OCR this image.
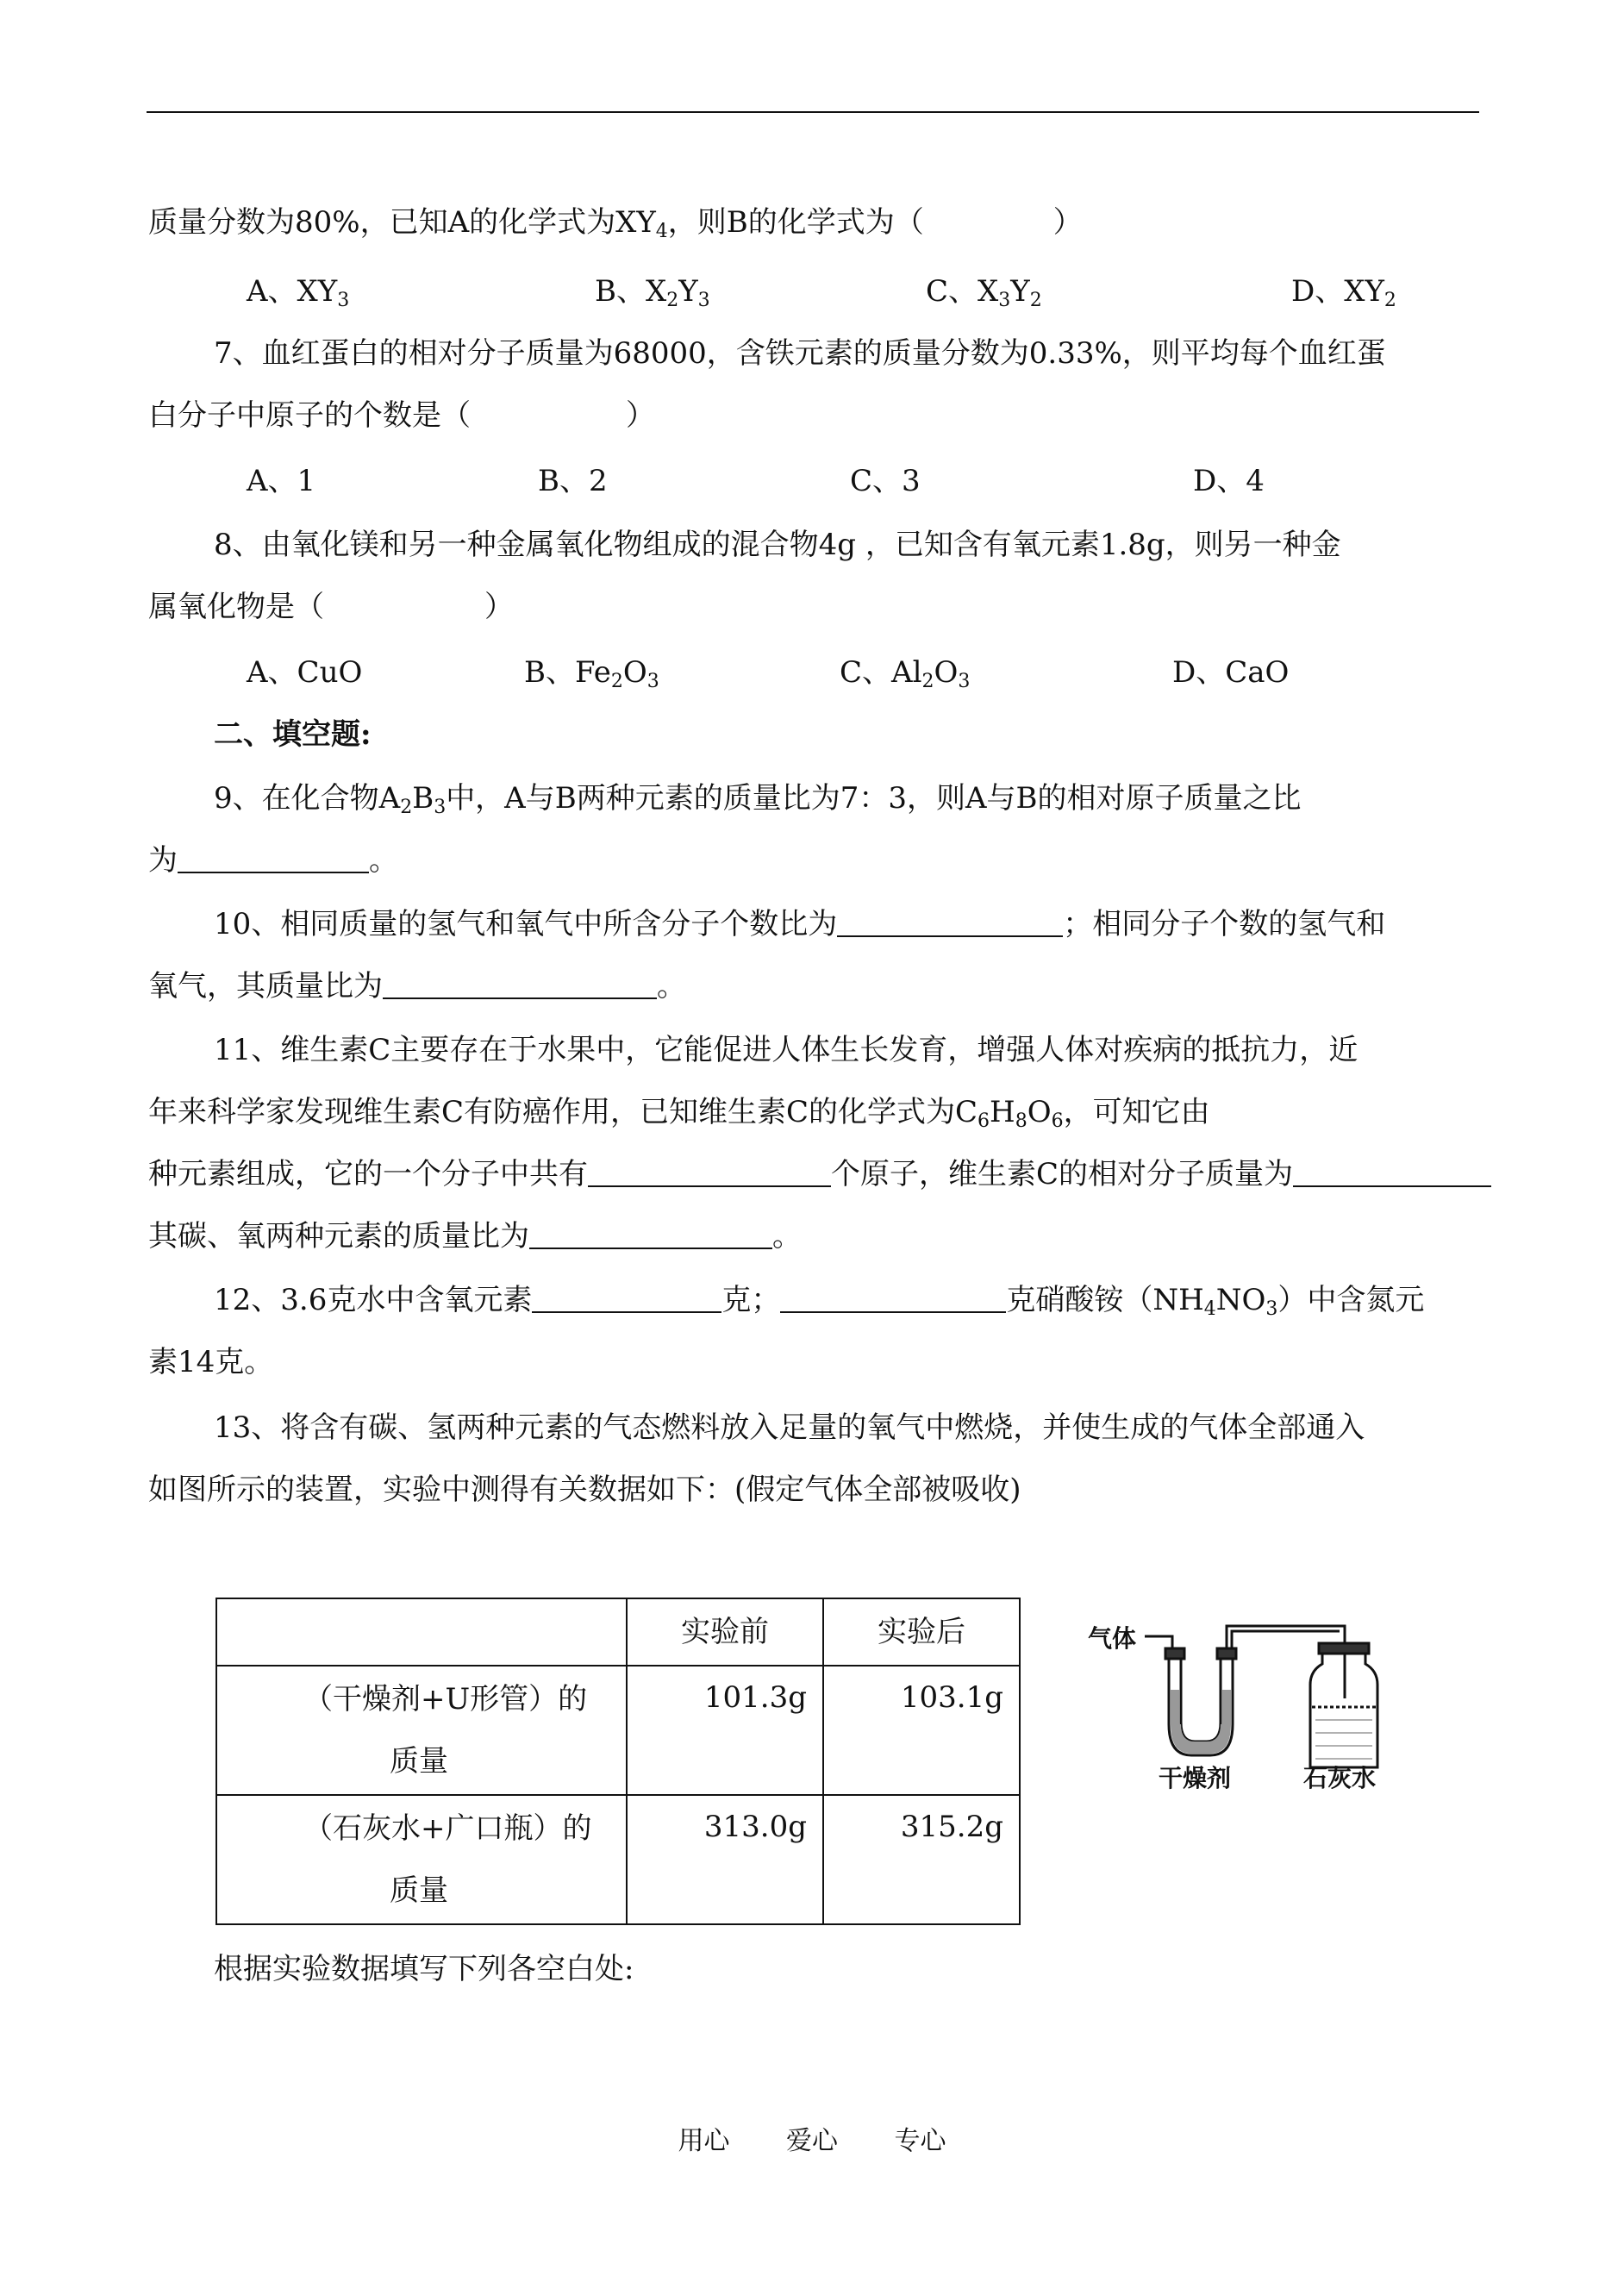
质量分数为80%，已知A的化学式为$XY_4$，则B的化学式为（	）
A、$XY_3$	B、$X_2Y_3$	C、$X_3Y_2$	D、$XY_2$
7、血红蛋白的相对分子质量为68000，含铁元素的质量分数为0.33%，则平均每个血红蛋
白分子中原子的个数是（	）
A、1	B、2	C、3	D、4
8、由氧化镁和另一种金属氧化物组成的混合物4g ，已知含有氧元素1.8g，则另一种金
属氧化物是（	）
A、CuO	B、$Fe_2O_3$	C、$Al_2O_3$	D、CaO
二、填空题:
9、在化合物$A_2B_3$中，A与B两种元素的质量比为7：3，则A与B的相对原子质量之比
为	。
10、相同质量的氢气和氧气中所含分子个数比为	；相同分子个数的氢气和
氧气，其质量比为	。
11、维生素C主要存在于水果中，它能促进人体生长发育，增强人体对疾病的抵抗力，近
年来科学家发现维生素C有防癌作用，已知维生素C的化学式为$C_6H_8O_6$，可知它由
种元素组成，它的一个分子中共有	个原子，维生素C的相对分子质量为
其碳、氧两种元素的质量比为	。
12、3.6克水中含氧元素	克；	克硝酸铵$(NH_4NO_3)$中含氮元
素14克。
13、将含有碳、氢两种元素的气态燃料放入足量的氧气中燃烧，并使生成的气体全部通入
如图所示的装置，实验中测得有关数据如下：(假定气体全部被吸收)
	实验前	实验后

（干燥剂+U形管）的
质量	101.3g	103.1g

（石灰水+广口瓶）的
质量	313.0g	315.2g
气体
干燥剂	石灰水
根据实验数据填写下列各空白处:
用心 爱心 专心
